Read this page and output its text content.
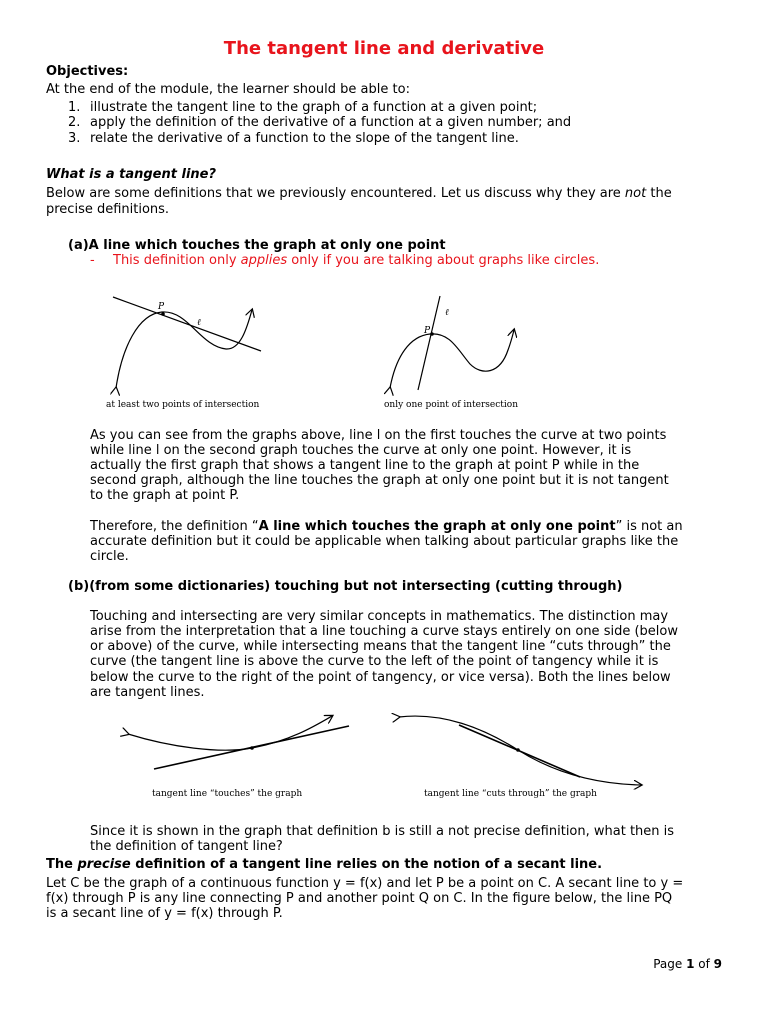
The tangent line and derivative
Objectives:
At the end of the module, the learner should be able to:
1. illustrate the tangent line to the graph of a function at a given point;
2. apply the definition of the derivative of a function at a given number; and
3. relate the derivative of a function to the slope of the tangent line.
What is a tangent line?
Below are some definitions that we previously encountered. Let us discuss why they are not the
precise definitions.
(a)A line which touches the graph at only one point
- This definition only applies only if you are talking about graphs like circles.
P
ℓ
at least two points of intersection
P
ℓ
only one point of intersection
As you can see from the graphs above, line l on the first touches the curve at two points
while line l on the second graph touches the curve at only one point. However, it is
actually the first graph that shows a tangent line to the graph at point P while in the
second graph, although the line touches the graph at only one point but it is not tangent
to the graph at point P.
Therefore, the definition “A line which touches the graph at only one point” is not an
accurate definition but it could be applicable when talking about particular graphs like the
circle.
(b)(from some dictionaries) touching but not intersecting (cutting through)
Touching and intersecting are very similar concepts in mathematics. The distinction may
arise from the interpretation that a line touching a curve stays entirely on one side (below
or above) of the curve, while intersecting means that the tangent line “cuts through” the
curve (the tangent line is above the curve to the left of the point of tangency while it is
below the curve to the right of the point of tangency, or vice versa). Both the lines below
are tangent lines.
tangent line “touches” the graph	tangent line “cuts through” the graph
Since it is shown in the graph that definition b is still a not precise definition, what then is
the definition of tangent line?
The precise definition of a tangent line relies on the notion of a secant line.
Let C be the graph of a continuous function y = f(x) and let P be a point on C. A secant line to y =
f(x) through P is any line connecting P and another point Q on C. In the figure below, the line PQ
is a secant line of y = f(x) through P.
Page 1 of 9
